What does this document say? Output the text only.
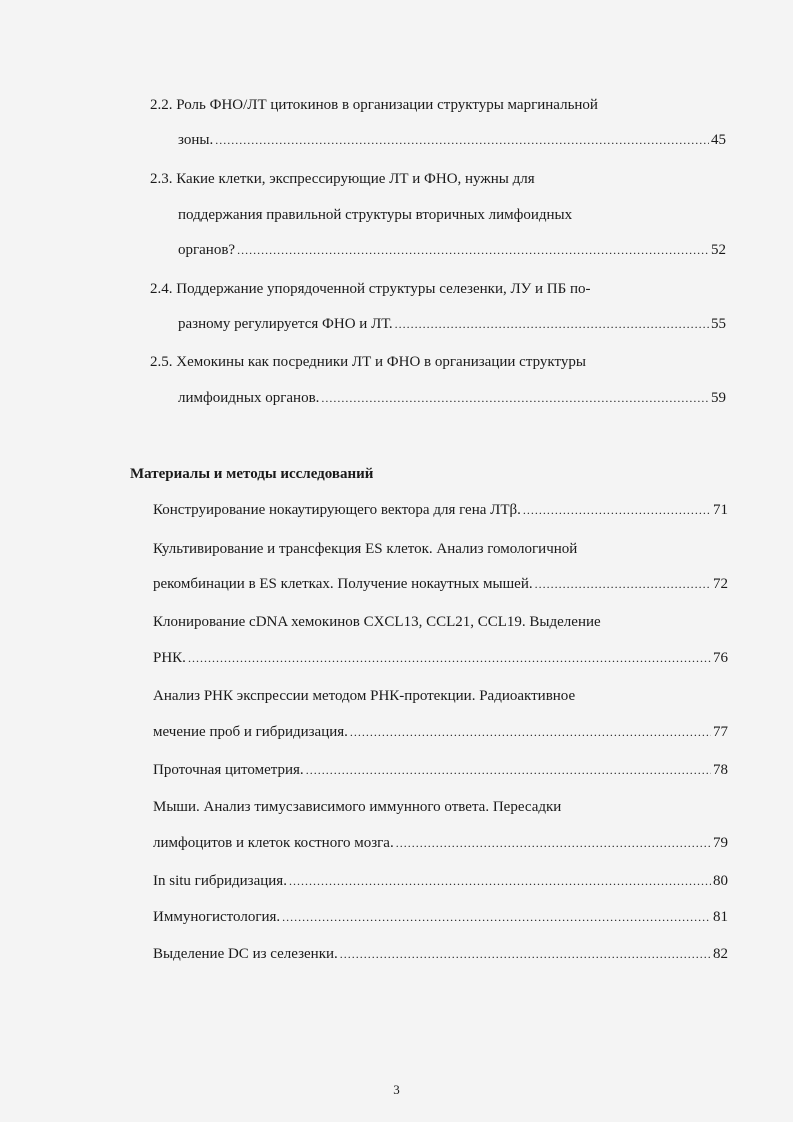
2.2. Роль ФНО/ЛТ цитокинов в организации структуры маргинальной
зоны. .....	45
2.3. Какие клетки, экспрессирующие ЛТ и ФНО, нужны для
поддержания правильной структуры вторичных лимфоидных
органов? .....	52
2.4. Поддержание упорядоченной структуры селезенки, ЛУ и ПБ по-
разному регулируется ФНО и ЛТ. .....	55
2.5. Хемокины как посредники ЛТ и ФНО в организации структуры
лимфоидных органов. .....	59
Материалы и методы исследований
Конструирование нокаутирующего вектора для гена ЛТβ. .....	71
Культивирование и трансфекция ES клеток. Анализ гомологичной
рекомбинации в ES клетках. Получение нокаутных мышей. .....	72
Клонирование cDNA хемокинов CXCL13, CCL21, CCL19. Выделение
РНК. .....	76
Анализ РНК экспрессии методом РНК-протекции. Радиоактивное
мечение проб и гибридизация. .....	77
Проточная цитометрия. .....	78
Мыши. Анализ тимусзависимого иммунного ответа. Пересадки
лимфоцитов и клеток костного мозга. .....	79
In situ гибридизация. .....	80
Иммуногистология. .....	81
Выделение DC из селезенки. .....	82
3
